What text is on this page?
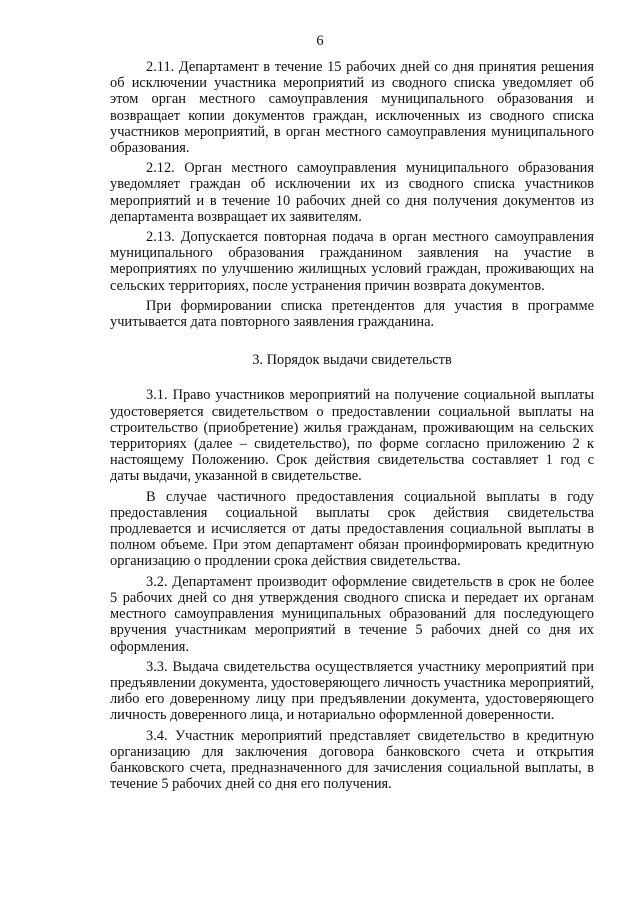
6

2.11. Департамент в течение 15 рабочих дней со дня принятия решения об исключении участника мероприятий из сводного списка уведомляет об этом орган местного самоуправления муниципального образования и возвращает копии документов граждан, исключенных из сводного списка участников мероприятий, в орган местного самоуправления муниципального образования.

2.12. Орган местного самоуправления муниципального образования уведомляет граждан об исключении их из сводного списка участников мероприятий и в течение 10 рабочих дней со дня получения документов из департамента возвращает их заявителям.

2.13. Допускается повторная подача в орган местного самоуправления муниципального образования гражданином заявления на участие в мероприятиях по улучшению жилищных условий граждан, проживающих на сельских территориях, после устранения причин возврата документов.

При формировании списка претендентов для участия в программе учитывается дата повторного заявления гражданина.

3. Порядок выдачи свидетельств

3.1. Право участников мероприятий на получение социальной выплаты удостоверяется свидетельством о предоставлении социальной выплаты на строительство (приобретение) жилья гражданам, проживающим на сельских территориях (далее – свидетельство), по форме согласно приложению 2 к настоящему Положению. Срок действия свидетельства составляет 1 год с даты выдачи, указанной в свидетельстве.

В случае частичного предоставления социальной выплаты в году предоставления социальной выплаты срок действия свидетельства продлевается и исчисляется от даты предоставления социальной выплаты в полном объеме. При этом департамент обязан проинформировать кредитную организацию о продлении срока действия свидетельства.

3.2. Департамент производит оформление свидетельств в срок не более 5 рабочих дней со дня утверждения сводного списка и передает их органам местного самоуправления муниципальных образований для последующего вручения участникам мероприятий в течение 5 рабочих дней со дня их оформления.

3.3. Выдача свидетельства осуществляется участнику мероприятий при предъявлении документа, удостоверяющего личность участника мероприятий, либо его доверенному лицу при предъявлении документа, удостоверяющего личность доверенного лица, и нотариально оформленной доверенности.

3.4. Участник мероприятий представляет свидетельство в кредитную организацию для заключения договора банковского счета и открытия банковского счета, предназначенного для зачисления социальной выплаты, в течение 5 рабочих дней со дня его получения.
